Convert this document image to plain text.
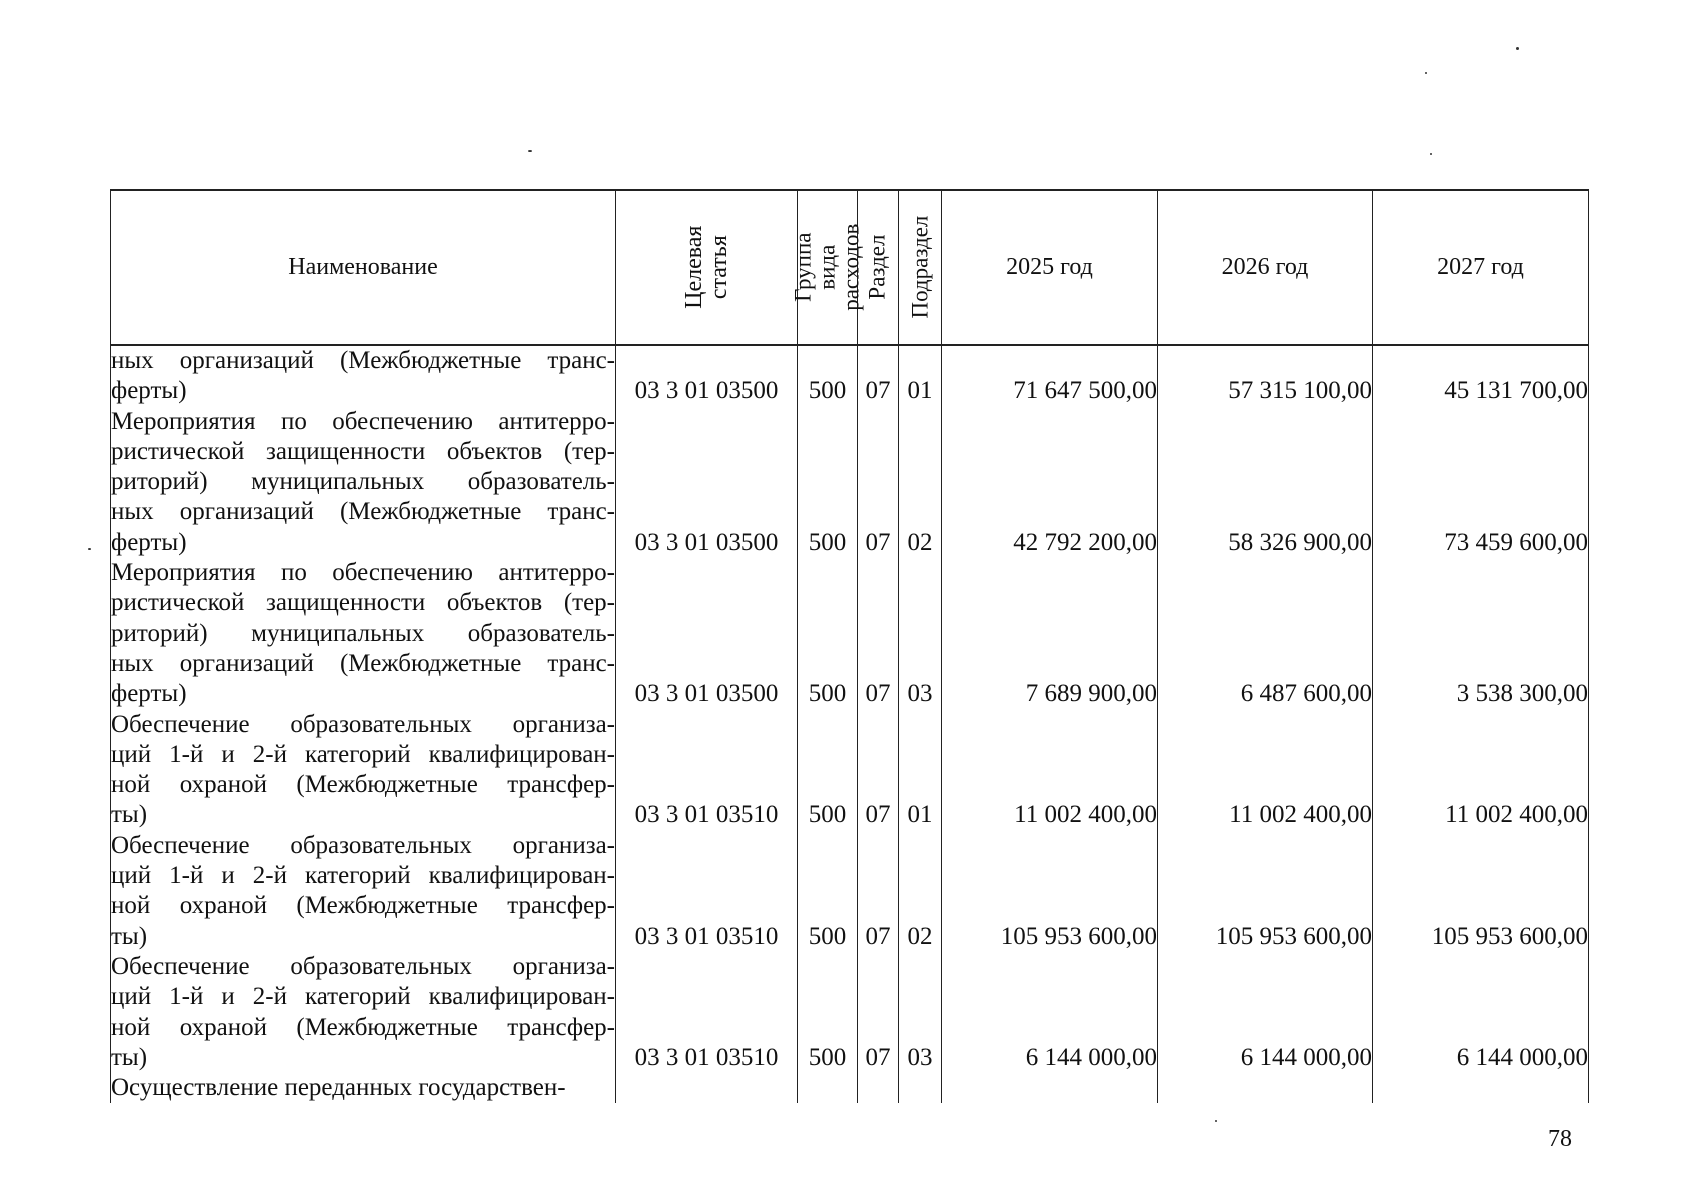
Наименование	Целевая статья	Группа вида расходов	Раздел	Подраздел	2025 год	2026 год	2027 год

ных организаций (Межбюджетные транс-
ферты)	03 3 01 03500	500	07	01	71 647 500,00	57 315 100,00	45 131 700,00

Мероприятия по обеспечению антитерро-
ристической защищенности объектов (тер-
риторий) муниципальных образователь-
ных организаций (Межбюджетные транс-
ферты)	03 3 01 03500	500	07	02	42 792 200,00	58 326 900,00	73 459 600,00

Мероприятия по обеспечению антитерро-
ристической защищенности объектов (тер-
риторий) муниципальных образователь-
ных организаций (Межбюджетные транс-
ферты)	03 3 01 03500	500	07	03	7 689 900,00	6 487 600,00	3 538 300,00

Обеспечение образовательных организа-
ций 1-й и 2-й категорий квалифицирован-
ной охраной (Межбюджетные трансфер-
ты)	03 3 01 03510	500	07	01	11 002 400,00	11 002 400,00	11 002 400,00

Обеспечение образовательных организа-
ций 1-й и 2-й категорий квалифицирован-
ной охраной (Межбюджетные трансфер-
ты)	03 3 01 03510	500	07	02	105 953 600,00	105 953 600,00	105 953 600,00

Обеспечение образовательных организа-
ций 1-й и 2-й категорий квалифицирован-
ной охраной (Межбюджетные трансфер-
ты)	03 3 01 03510	500	07	03	6 144 000,00	6 144 000,00	6 144 000,00

Осуществление переданных государствен-							

78
